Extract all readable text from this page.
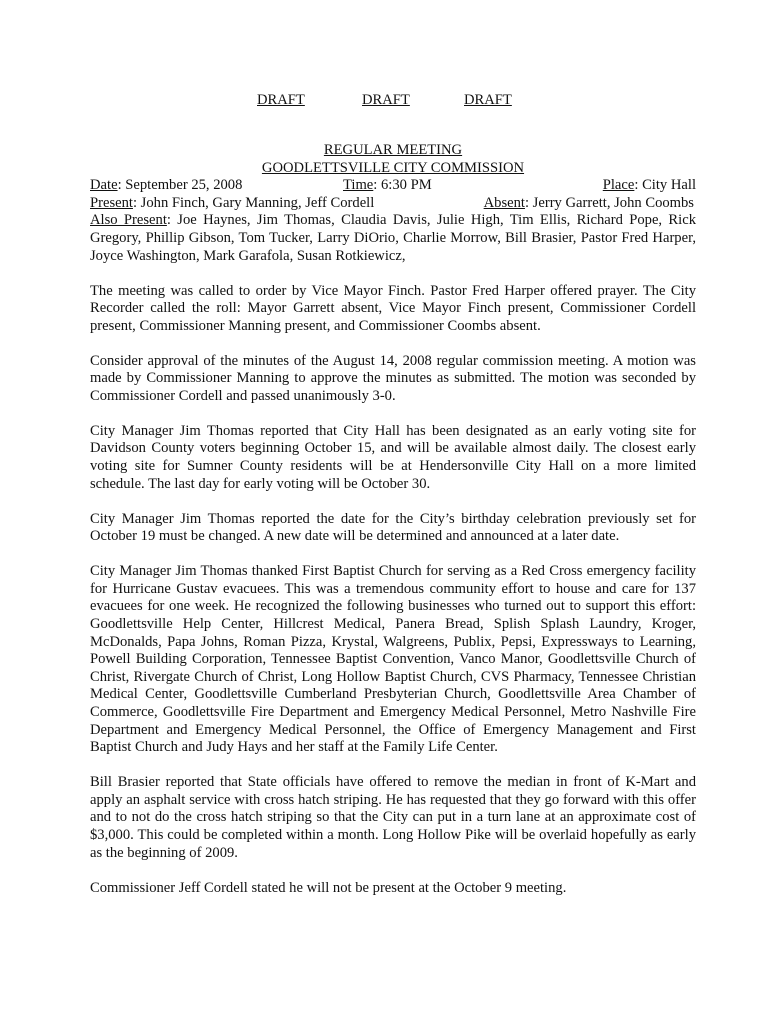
DRAFT	DRAFT	DRAFT
REGULAR MEETING
GOODLETTSVILLE CITY COMMISSION
Date: September 25, 2008	Time: 6:30 PM	Place: City Hall
Present: John Finch, Gary Manning, Jeff Cordell	Absent: Jerry Garrett, John Coombs

Also Present: Joe Haynes, Jim Thomas, Claudia Davis, Julie High, Tim Ellis, Richard Pope, Rick Gregory, Phillip Gibson, Tom Tucker, Larry DiOrio, Charlie Morrow, Bill Brasier, Pastor Fred Harper, Joyce Washington, Mark Garafola, Susan Rotkiewicz,

The meeting was called to order by Vice Mayor Finch. Pastor Fred Harper offered prayer. The City Recorder called the roll: Mayor Garrett absent, Vice Mayor Finch present, Commissioner Cordell present, Commissioner Manning present, and Commissioner Coombs absent.

Consider approval of the minutes of the August 14, 2008 regular commission meeting. A motion was made by Commissioner Manning to approve the minutes as submitted. The motion was seconded by Commissioner Cordell and passed unanimously 3-0.

City Manager Jim Thomas reported that City Hall has been designated as an early voting site for Davidson County voters beginning October 15, and will be available almost daily. The closest early voting site for Sumner County residents will be at Hendersonville City Hall on a more limited schedule. The last day for early voting will be October 30.

City Manager Jim Thomas reported the date for the City’s birthday celebration previously set for October 19 must be changed. A new date will be determined and announced at a later date.

City Manager Jim Thomas thanked First Baptist Church for serving as a Red Cross emergency facility for Hurricane Gustav evacuees. This was a tremendous community effort to house and care for 137 evacuees for one week. He recognized the following businesses who turned out to support this effort: Goodlettsville Help Center, Hillcrest Medical, Panera Bread, Splish Splash Laundry, Kroger, McDonalds, Papa Johns, Roman Pizza, Krystal, Walgreens, Publix, Pepsi, Expressways to Learning, Powell Building Corporation, Tennessee Baptist Convention, Vanco Manor, Goodlettsville Church of Christ, Rivergate Church of Christ, Long Hollow Baptist Church, CVS Pharmacy, Tennessee Christian Medical Center, Goodlettsville Cumberland Presbyterian Church, Goodlettsville Area Chamber of Commerce, Goodlettsville Fire Department and Emergency Medical Personnel, Metro Nashville Fire Department and Emergency Medical Personnel, the Office of Emergency Management and First Baptist Church and Judy Hays and her staff at the Family Life Center.

Bill Brasier reported that State officials have offered to remove the median in front of K-Mart and apply an asphalt service with cross hatch striping. He has requested that they go forward with this offer and to not do the cross hatch striping so that the City can put in a turn lane at an approximate cost of $3,000. This could be completed within a month. Long Hollow Pike will be overlaid hopefully as early as the beginning of 2009.

Commissioner Jeff Cordell stated he will not be present at the October 9 meeting.
